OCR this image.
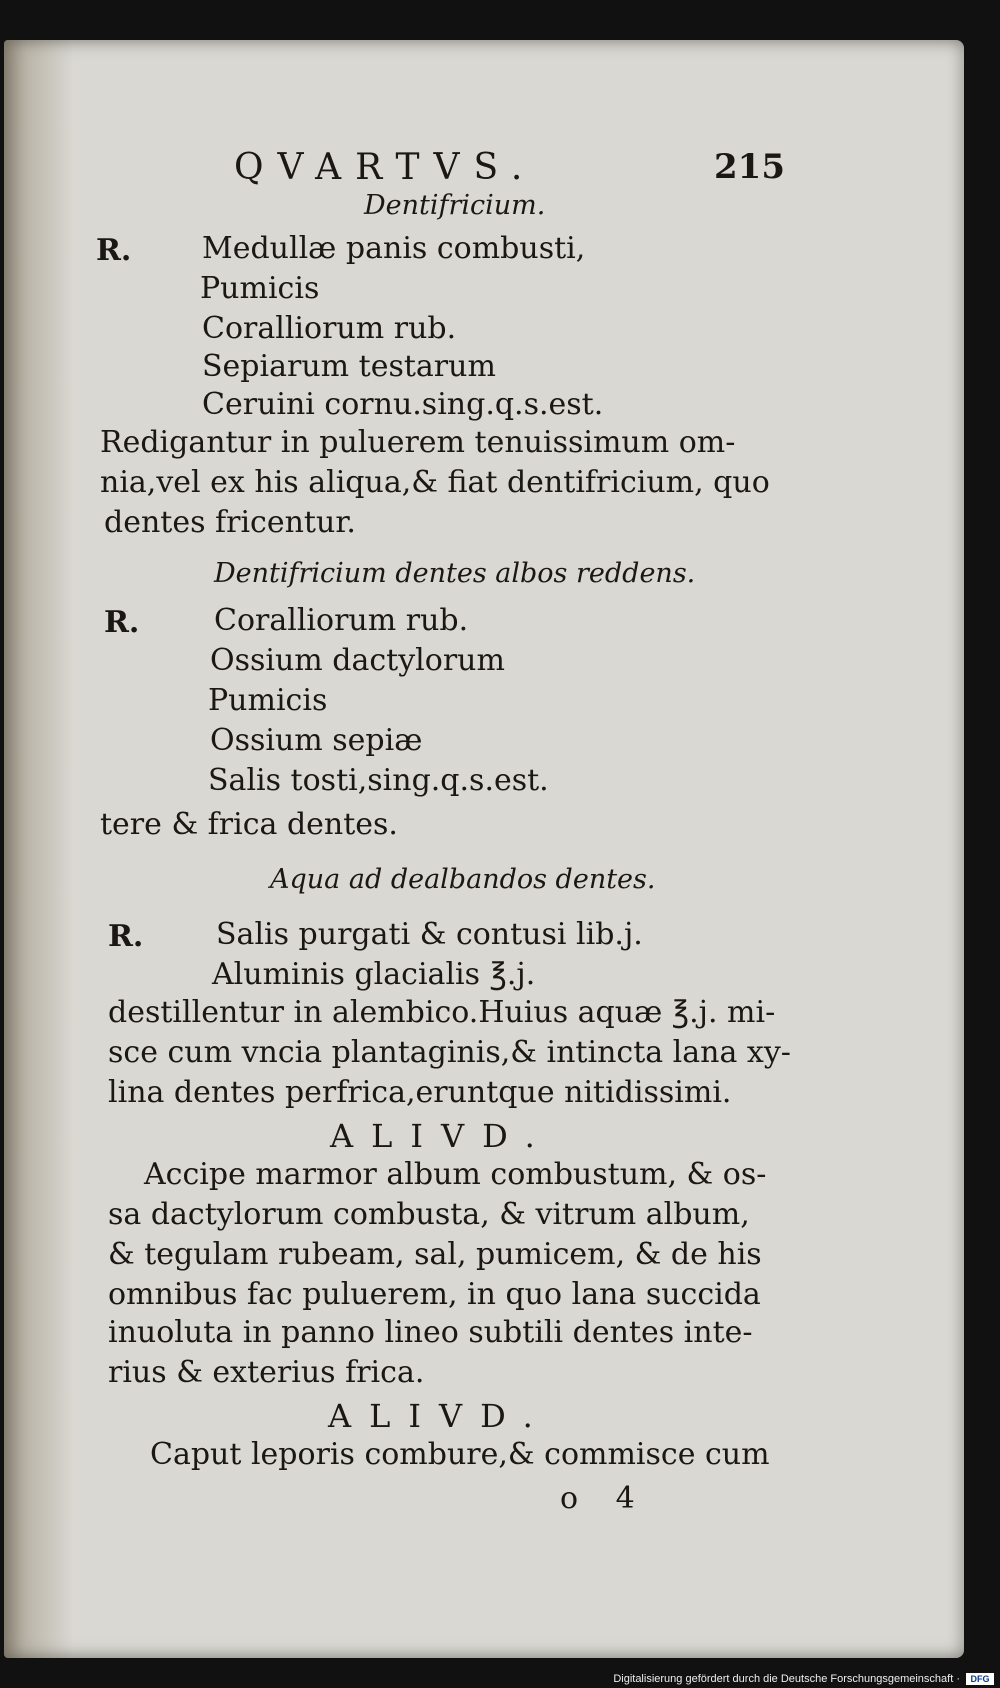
QVARTVS.	215
Dentifricium.
R. Medullæ panis combusti,
Pumicis
Coralliorum rub.
Sepiarum testarum
Ceruini cornu.sing.q.s.est.
Redigantur in puluerem tenuissimum om-
nia,vel ex his aliqua,& fiat dentifricium, quo
dentes fricentur.
Dentifricium dentes albos reddens.
R. Coralliorum rub.
Ossium dactylorum
Pumicis
Ossium sepiæ
Salis tosti,sing.q.s.est.
tere & frica dentes.
Aqua ad dealbandos dentes.
R. Salis purgati & contusi lib.j.
Aluminis glacialis ℥.j.
destillentur in alembico.Huius aquæ ℥.j. mi-
sce cum vncia plantaginis,& intincta lana xy-
lina dentes perfrica,eruntque nitidissimi.
ALIVD.
Accipe marmor album combustum, & os-
sa dactylorum combusta, & vitrum album,
& tegulam rubeam, sal, pumicem, & de his
omnibus fac puluerem, in quo lana succida
inuoluta in panno lineo subtili dentes inte-
rius & exterius frica.
ALIVD.
Caput leporis combure,& commisce cum
o 4
Digitalisierung gefördert durch die Deutsche Forschungsgemeinschaft ·	DFG
